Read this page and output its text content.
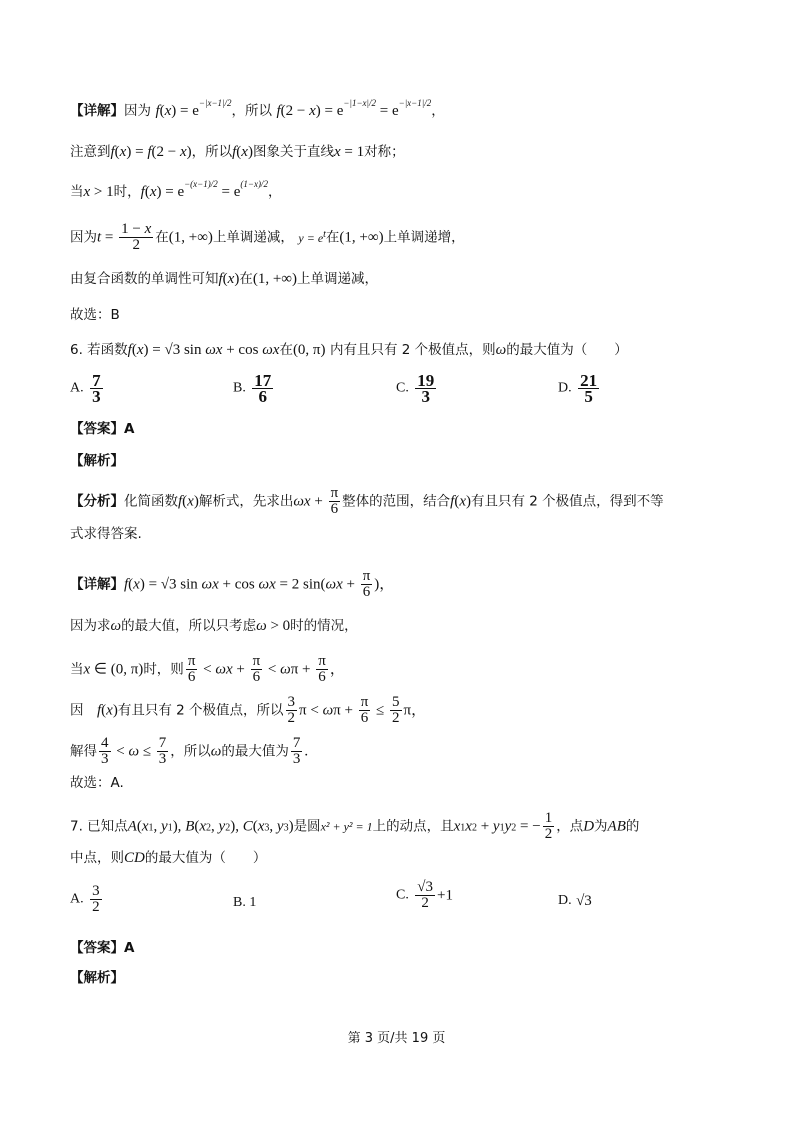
【详解】因为 $f(x) = e^{-|x-1|/2}$，所以 $f(2 - x) = e^{-|1-x|/2} = e^{-|x-1|/2}$，
注意到f(x) = f(2 − x)，所以f(x)图象关于直线x = 1对称；
当x > 1时，$f(x) = e^{-(x-1)/2} = e^{(1-x)/2}$，
因为$t = \frac{1 - x}{2}$ 在(1, +∞)上单调递减， $y = e^t$在(1, +∞)上单调递增，
由复合函数的单调性可知f(x)在(1, +∞)上单调递减，
故选：B
6. 若函数f(x) = √3 sin ωx + cos ωx在(0, π) 内有且只有 2 个极值点，则ω的最大值为（　　）
A. $\frac{7}{3}$	B. $\frac{17}{6}$	C. $\frac{19}{3}$	D. $\frac{21}{5}$
【答案】A
【解析】
【分析】化简函数f(x)解析式，先求出$\omega x + \frac{\pi}{6}$ 整体的范围，结合f(x)有且只有 2 个极值点，得到不等
式求得答案.
【详解】f(x) = √3 sin ωx + cos ωx = 2 $\sin(\omega x + \frac{\pi}{6}$ )，
因为求ω的最大值，所以只考虑ω > 0时的情况，
当x ∈ (0, π)时，则 $\frac{\pi}{6} < \omega x + \frac{\pi}{6} < \omega\pi + \frac{\pi}{6}$ ，
因　f(x)有且只有 2 个极值点，所以 $\frac{3}{2}$ $\pi < \omega\pi + \frac{\pi}{6} \le \frac{5}{2}$ π，
解得 $\frac{4}{3} < \omega \le \frac{7}{3}$ ，所以ω的最大值为 $\frac{7}{3}$ .
故选：A.
7. 已知点A(x1, y1), B(x2, y2), C(x3, y3)是圆x² + y² = 1上的动点，且x1x2 + y1y2 = − $\frac{1}{2}$ ，点D为AB的
中点，则CD的最大值为（　　）
A. $\frac{3}{2}$	B. 1	C. $\frac{√3}{2} +1$	D. √3
【答案】A
【解析】
第 3 页/共 19 页
